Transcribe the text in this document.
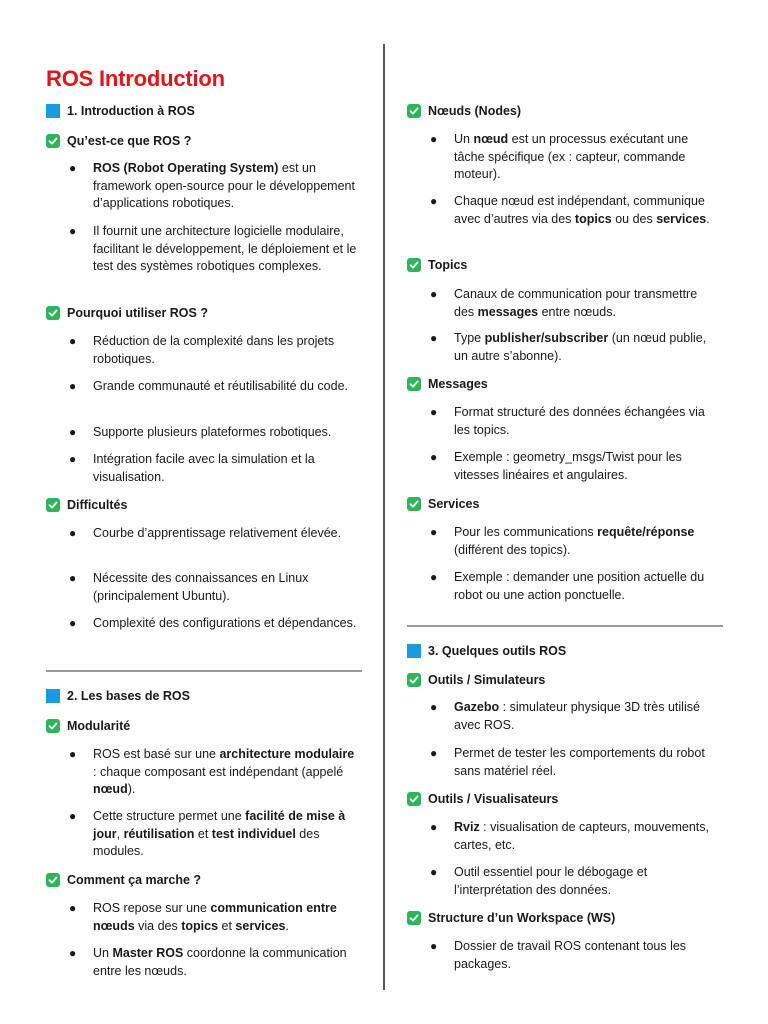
ROS Introduction
1. Introduction à ROS
Qu’est-ce que ROS ?
● ROS (Robot Operating System) est un framework open-source pour le développement d’applications robotiques.
● Il fournit une architecture logicielle modulaire, facilitant le développement, le déploiement et le test des systèmes robotiques complexes.
Pourquoi utiliser ROS ?
● Réduction de la complexité dans les projets robotiques.
● Grande communauté et réutilisabilité du code.
● Supporte plusieurs plateformes robotiques.
● Intégration facile avec la simulation et la visualisation.
Difficultés
● Courbe d’apprentissage relativement élevée.
● Nécessite des connaissances en Linux (principalement Ubuntu).
● Complexité des configurations et dépendances.
2. Les bases de ROS
Modularité
● ROS est basé sur une architecture modulaire : chaque composant est indépendant (appelé nœud).
● Cette structure permet une facilité de mise à jour, réutilisation et test individuel des modules.
Comment ça marche ?
● ROS repose sur une communication entre nœuds via des topics et services.
● Un Master ROS coordonne la communication entre les nœuds.
Nœuds (Nodes)
● Un nœud est un processus exécutant une tâche spécifique (ex : capteur, commande moteur).
● Chaque nœud est indépendant, communique avec d’autres via des topics ou des services.
Topics
● Canaux de communication pour transmettre des messages entre nœuds.
● Type publisher/subscriber (un nœud publie, un autre s’abonne).
Messages
● Format structuré des données échangées via les topics.
● Exemple : geometry_msgs/Twist pour les vitesses linéaires et angulaires.
Services
● Pour les communications requête/réponse (différent des topics).
● Exemple : demander une position actuelle du robot ou une action ponctuelle.
3. Quelques outils ROS
Outils / Simulateurs
● Gazebo : simulateur physique 3D très utilisé avec ROS.
● Permet de tester les comportements du robot sans matériel réel.
Outils / Visualisateurs
● Rviz : visualisation de capteurs, mouvements, cartes, etc.
● Outil essentiel pour le débogage et l’interprétation des données.
Structure d’un Workspace (WS)
● Dossier de travail ROS contenant tous les packages.
